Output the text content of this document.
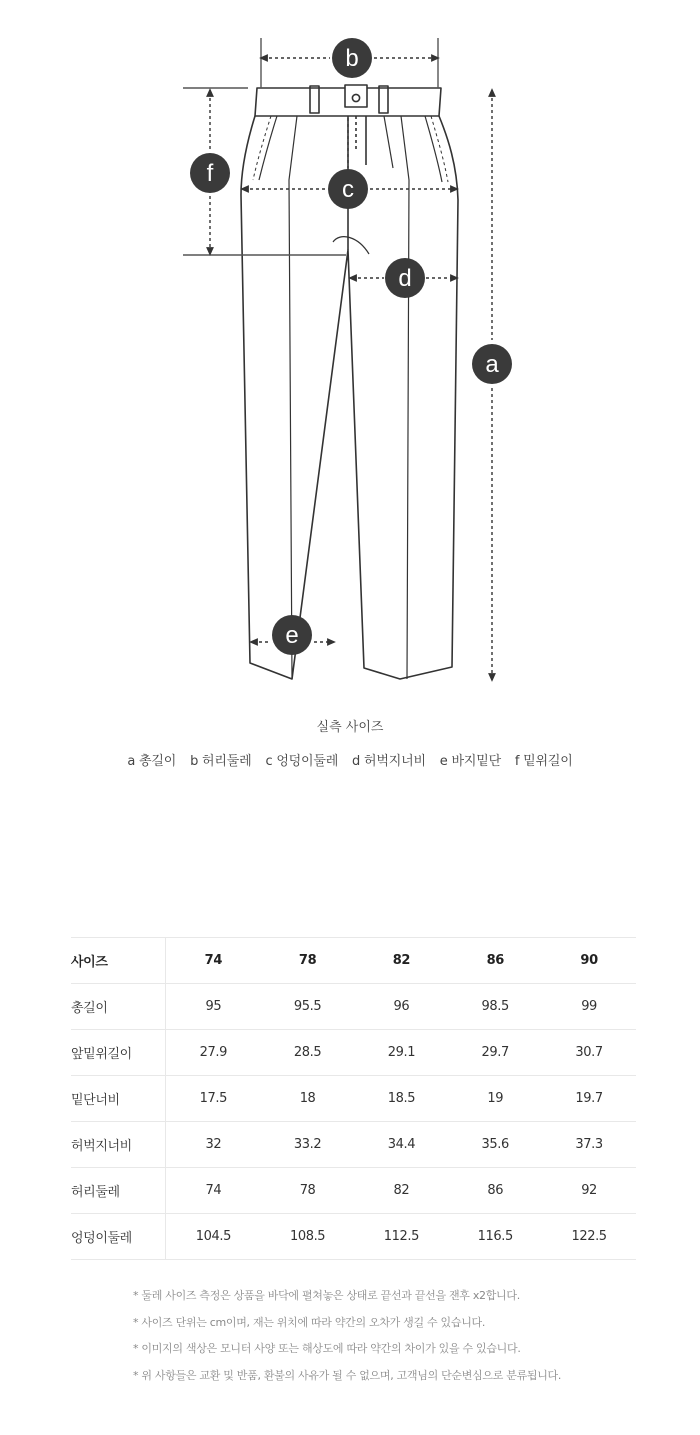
b
f
c
d
a
e
실측 사이즈
a 총길이 b 허리둘레 c 엉덩이둘레 d 허벅지너비 e 바지밑단 f 밑위길이
사이즈	74	78	82	86	90
총길이	95	95.5	96	98.5	99
앞밑위길이	27.9	28.5	29.1	29.7	30.7
밑단너비	17.5	18	18.5	19	19.7
허벅지너비	32	33.2	34.4	35.6	37.3
허리둘레	74	78	82	86	92
엉덩이둘레	104.5	108.5	112.5	116.5	122.5
* 둘레 사이즈 측정은 상품을 바닥에 펼쳐놓은 상태로 끝선과 끝선을 잰후 x2합니다.
* 사이즈 단위는 cm이며, 재는 위치에 따라 약간의 오차가 생길 수 있습니다.
* 이미지의 색상은 모니터 사양 또는 해상도에 따라 약간의 차이가 있을 수 있습니다.
* 위 사항들은 교환 및 반품, 환불의 사유가 될 수 없으며, 고객님의 단순변심으로 분류됩니다.
